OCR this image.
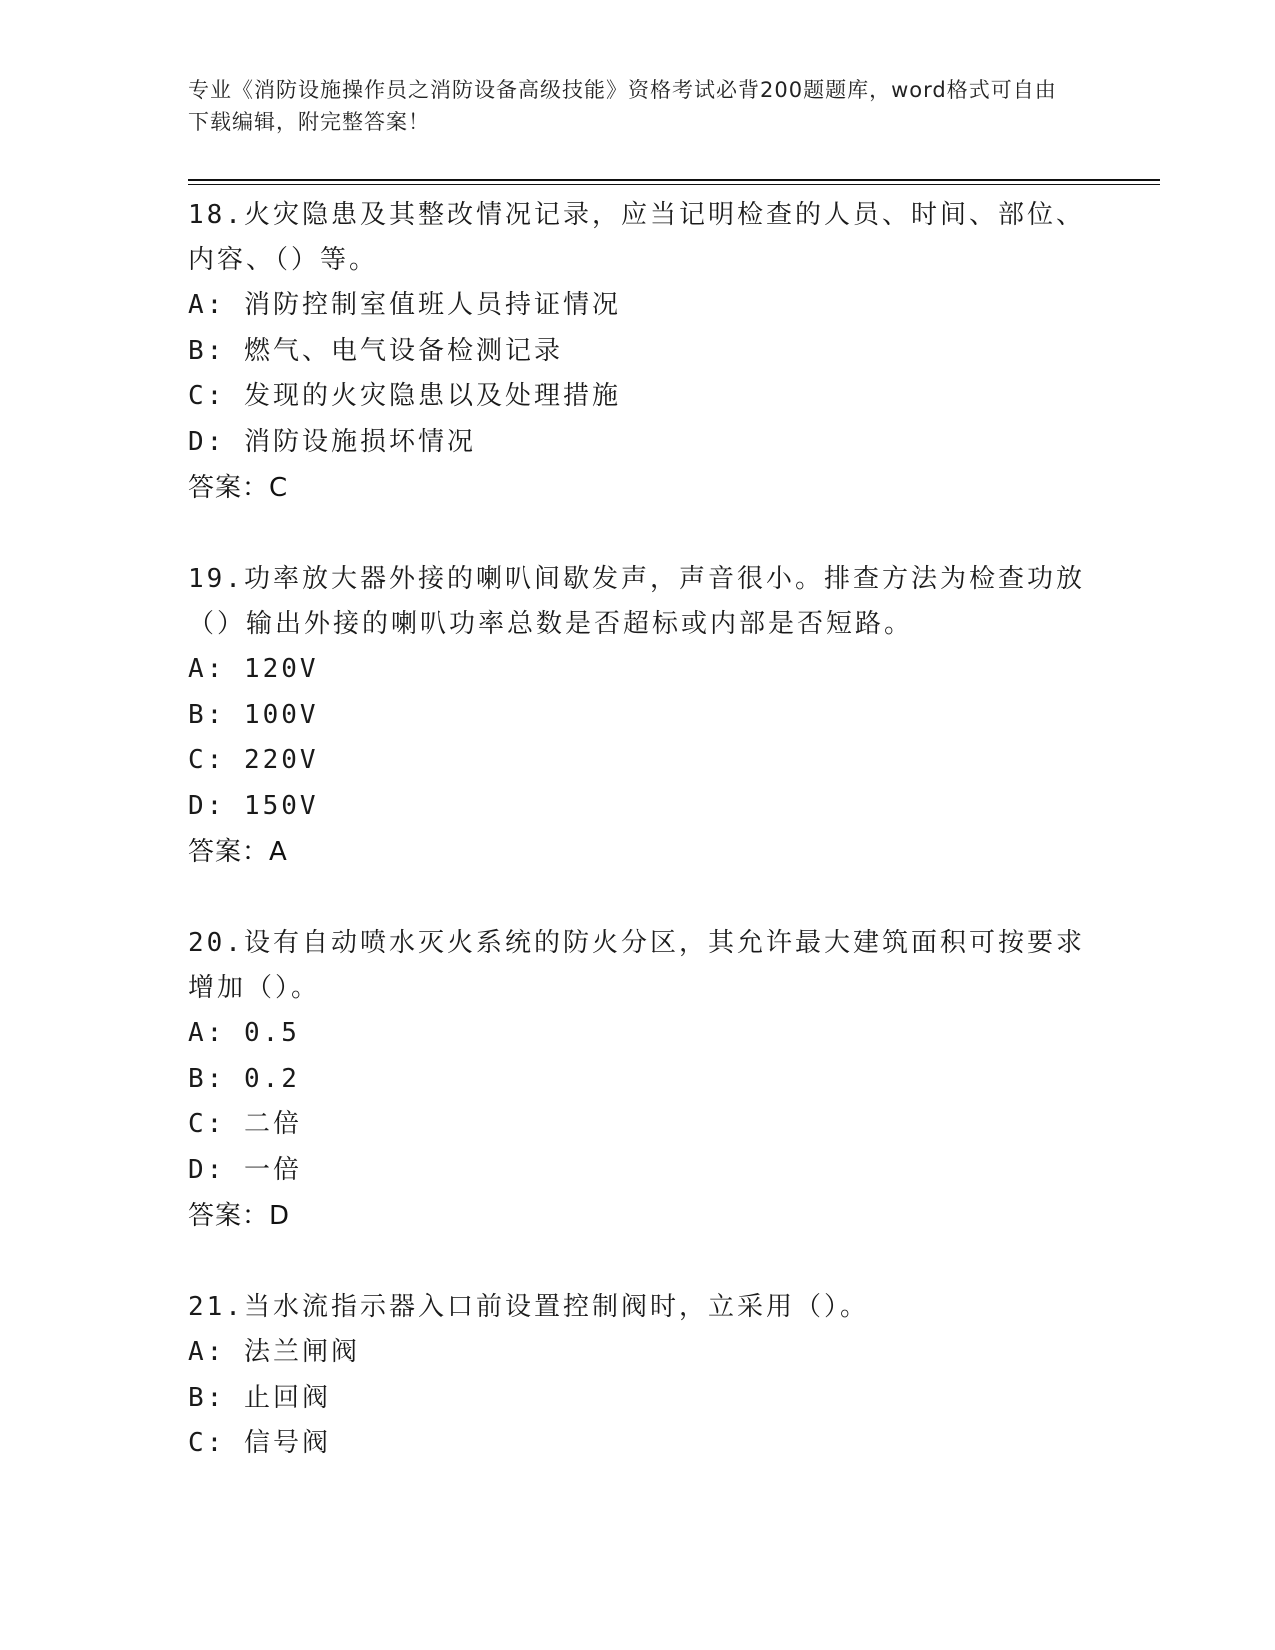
专业《消防设施操作员之消防设备高级技能》资格考试必背200题题库，word格式可自由下载编辑，附完整答案！

18.火灾隐患及其整改情况记录，应当记明检查的人员、时间、部位、内容、（）等。

A: 消防控制室值班人员持证情况
B: 燃气、电气设备检测记录
C: 发现的火灾隐患以及处理措施
D: 消防设施损坏情况
答案：C

19.功率放大器外接的喇叭间歇发声，声音很小。排查方法为检查功放（）输出外接的喇叭功率总数是否超标或内部是否短路。

A: 120V
B: 100V
C: 220V
D: 150V
答案：A

20.设有自动喷水灭火系统的防火分区，其允许最大建筑面积可按要求增加（）。

A: 0.5
B: 0.2
C: 二倍
D: 一倍
答案：D

21.当水流指示器入口前设置控制阀时，立采用（）。

A: 法兰闸阀
B: 止回阀
C: 信号阀
